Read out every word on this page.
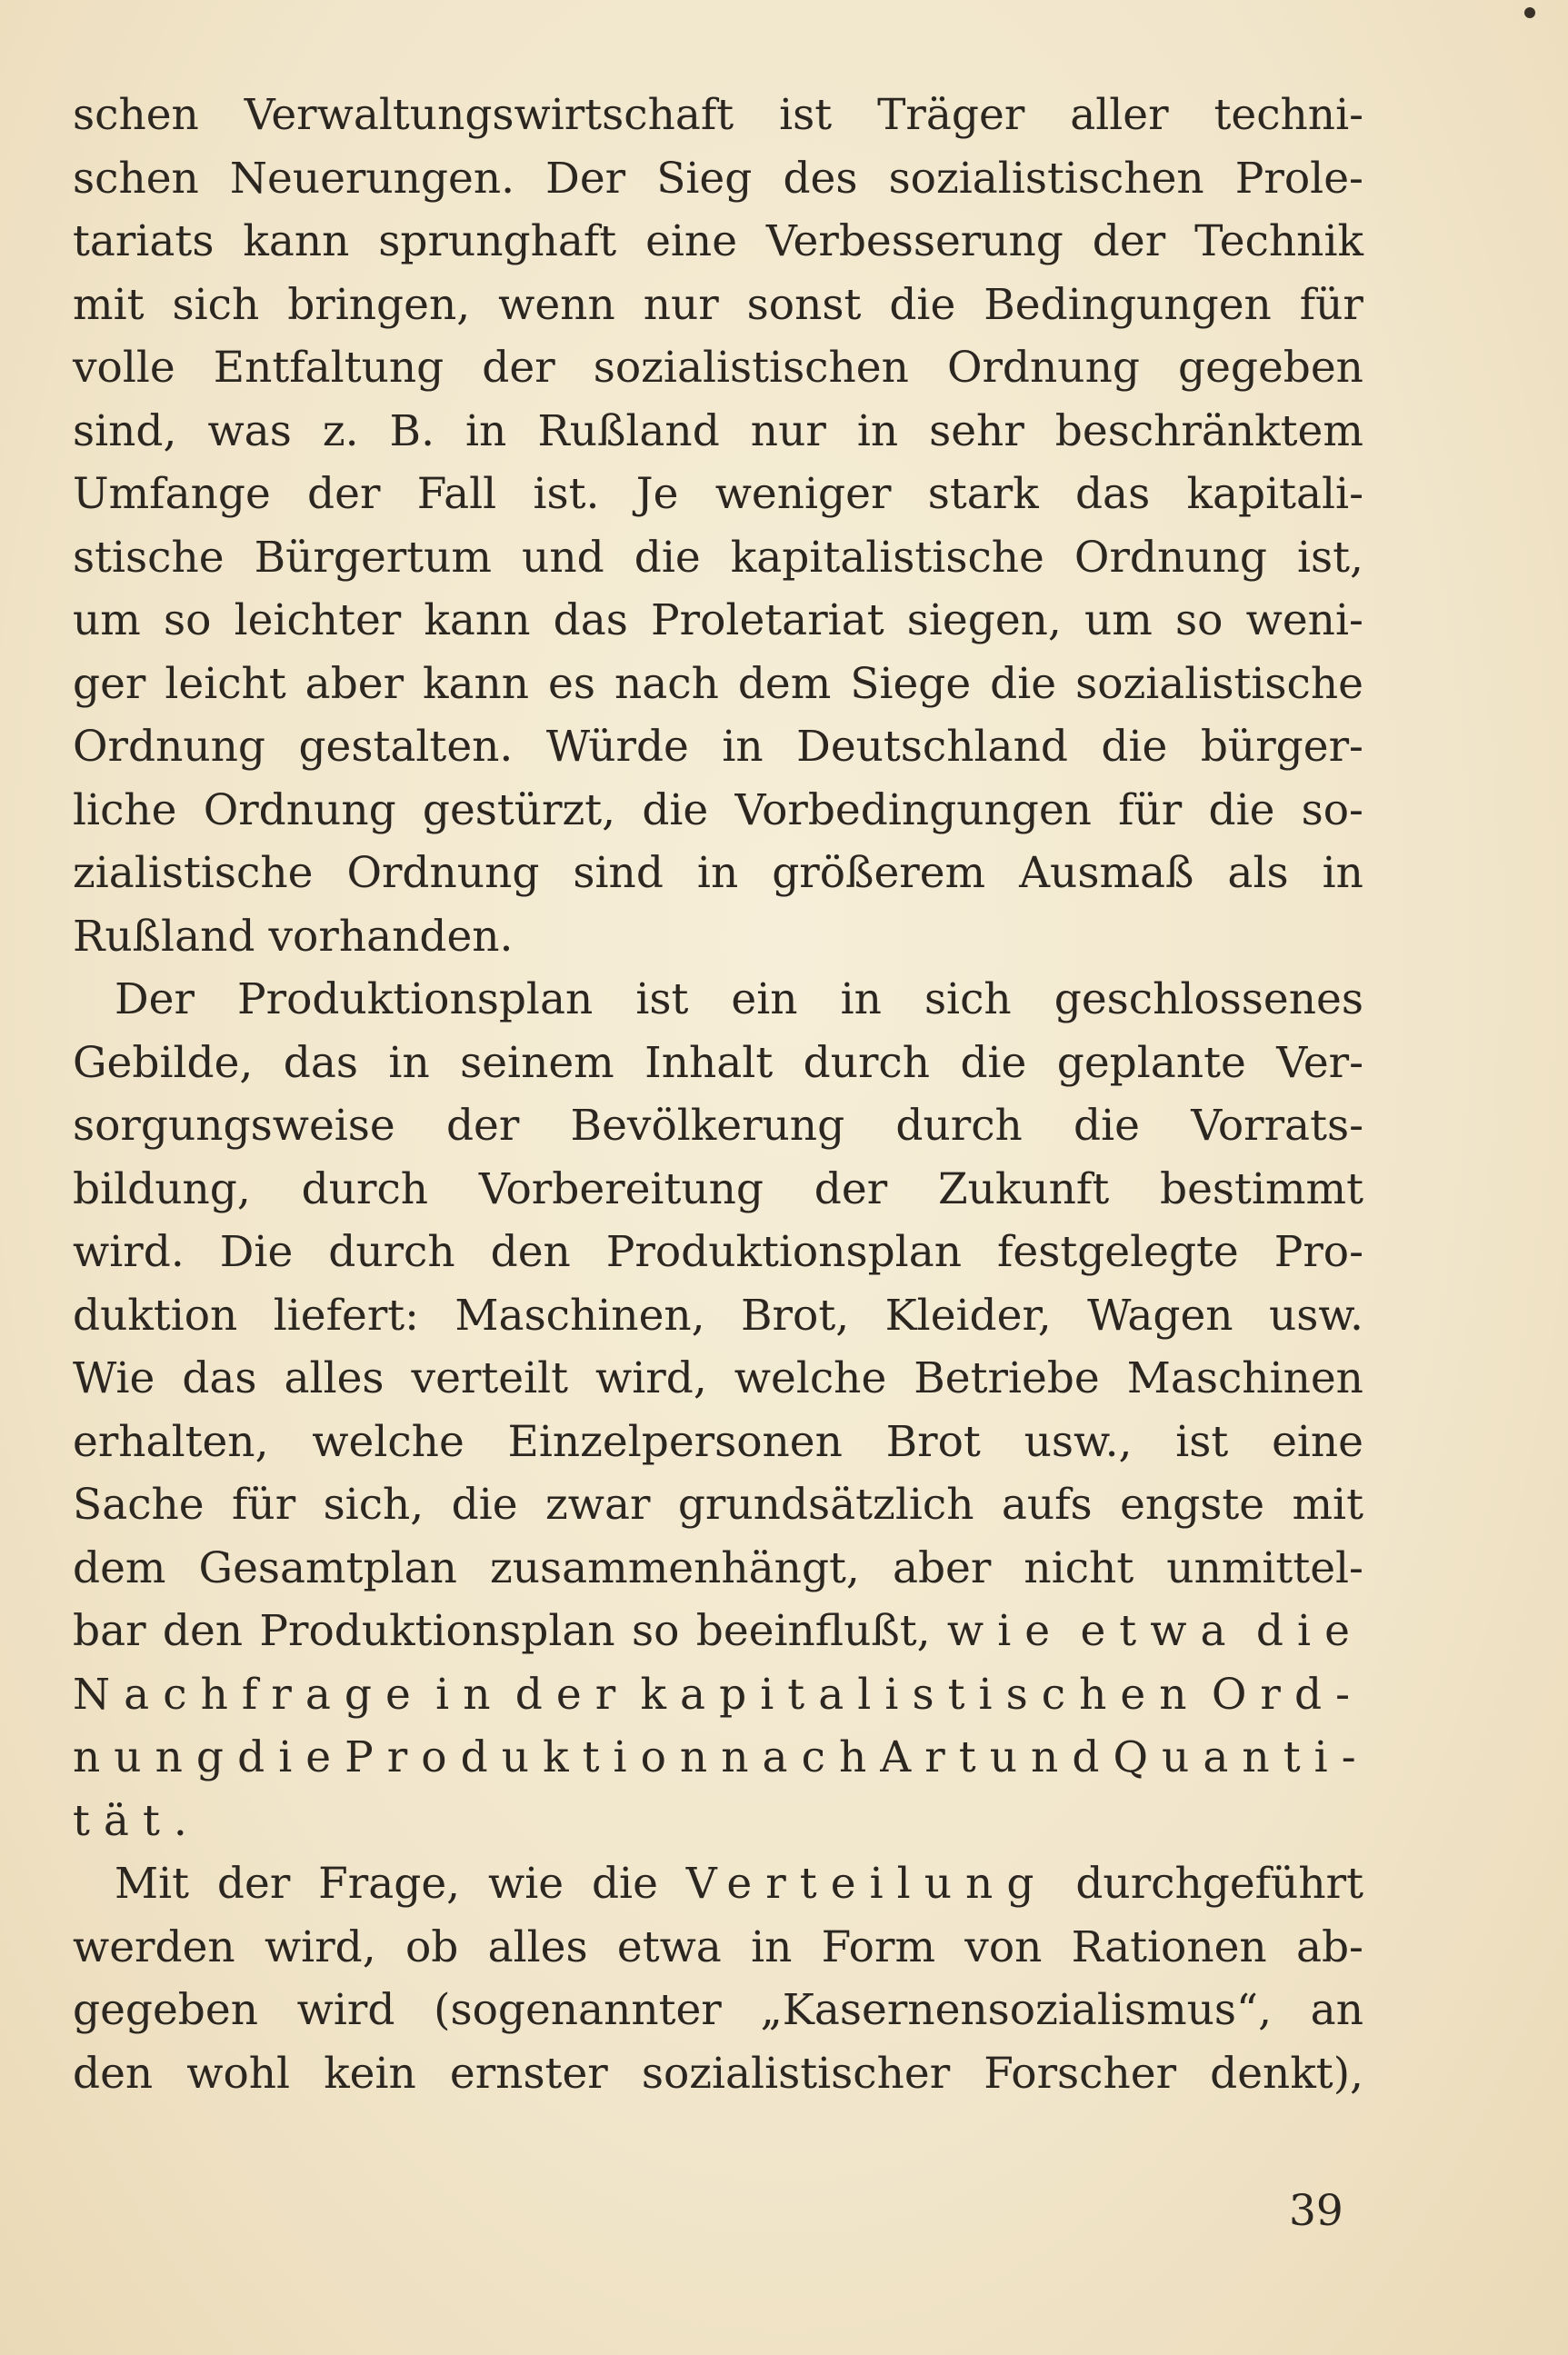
schen Verwaltungswirtschaft ist Träger aller techni-
schen Neuerungen. Der Sieg des sozialistischen Prole-
tariats kann sprunghaft eine Verbesserung der Technik
mit sich bringen, wenn nur sonst die Bedingungen für
volle Entfaltung der sozialistischen Ordnung gegeben
sind, was z. B. in Rußland nur in sehr beschränktem
Umfange der Fall ist. Je weniger stark das kapitali-
stische Bürgertum und die kapitalistische Ordnung ist,
um so leichter kann das Proletariat siegen, um so weni-
ger leicht aber kann es nach dem Siege die sozialistische
Ordnung gestalten. Würde in Deutschland die bürger-
liche Ordnung gestürzt, die Vorbedingungen für die so-
zialistische Ordnung sind in größerem Ausmaß als in
Rußland vorhanden.
Der Produktionsplan ist ein in sich geschlossenes
Gebilde, das in seinem Inhalt durch die geplante Ver-
sorgungsweise der Bevölkerung durch die Vorrats-
bildung, durch Vorbereitung der Zukunft bestimmt
wird. Die durch den Produktionsplan festgelegte Pro-
duktion liefert: Maschinen, Brot, Kleider, Wagen usw.
Wie das alles verteilt wird, welche Betriebe Maschinen
erhalten, welche Einzelpersonen Brot usw., ist eine
Sache für sich, die zwar grundsätzlich aufs engste mit
dem Gesamtplan zusammenhängt, aber nicht unmittel-
bar den Produktionsplan so beeinflußt, wie etwa die
Nachfrage in der kapitalistischen Ord-
nung die Produktion nach Art und Quanti-
tät.
Mit der Frage, wie die Verteilung durchgeführt
werden wird, ob alles etwa in Form von Rationen ab-
gegeben wird (sogenannter „Kasernensozialismus“, an
den wohl kein ernster sozialistischer Forscher denkt),
39
